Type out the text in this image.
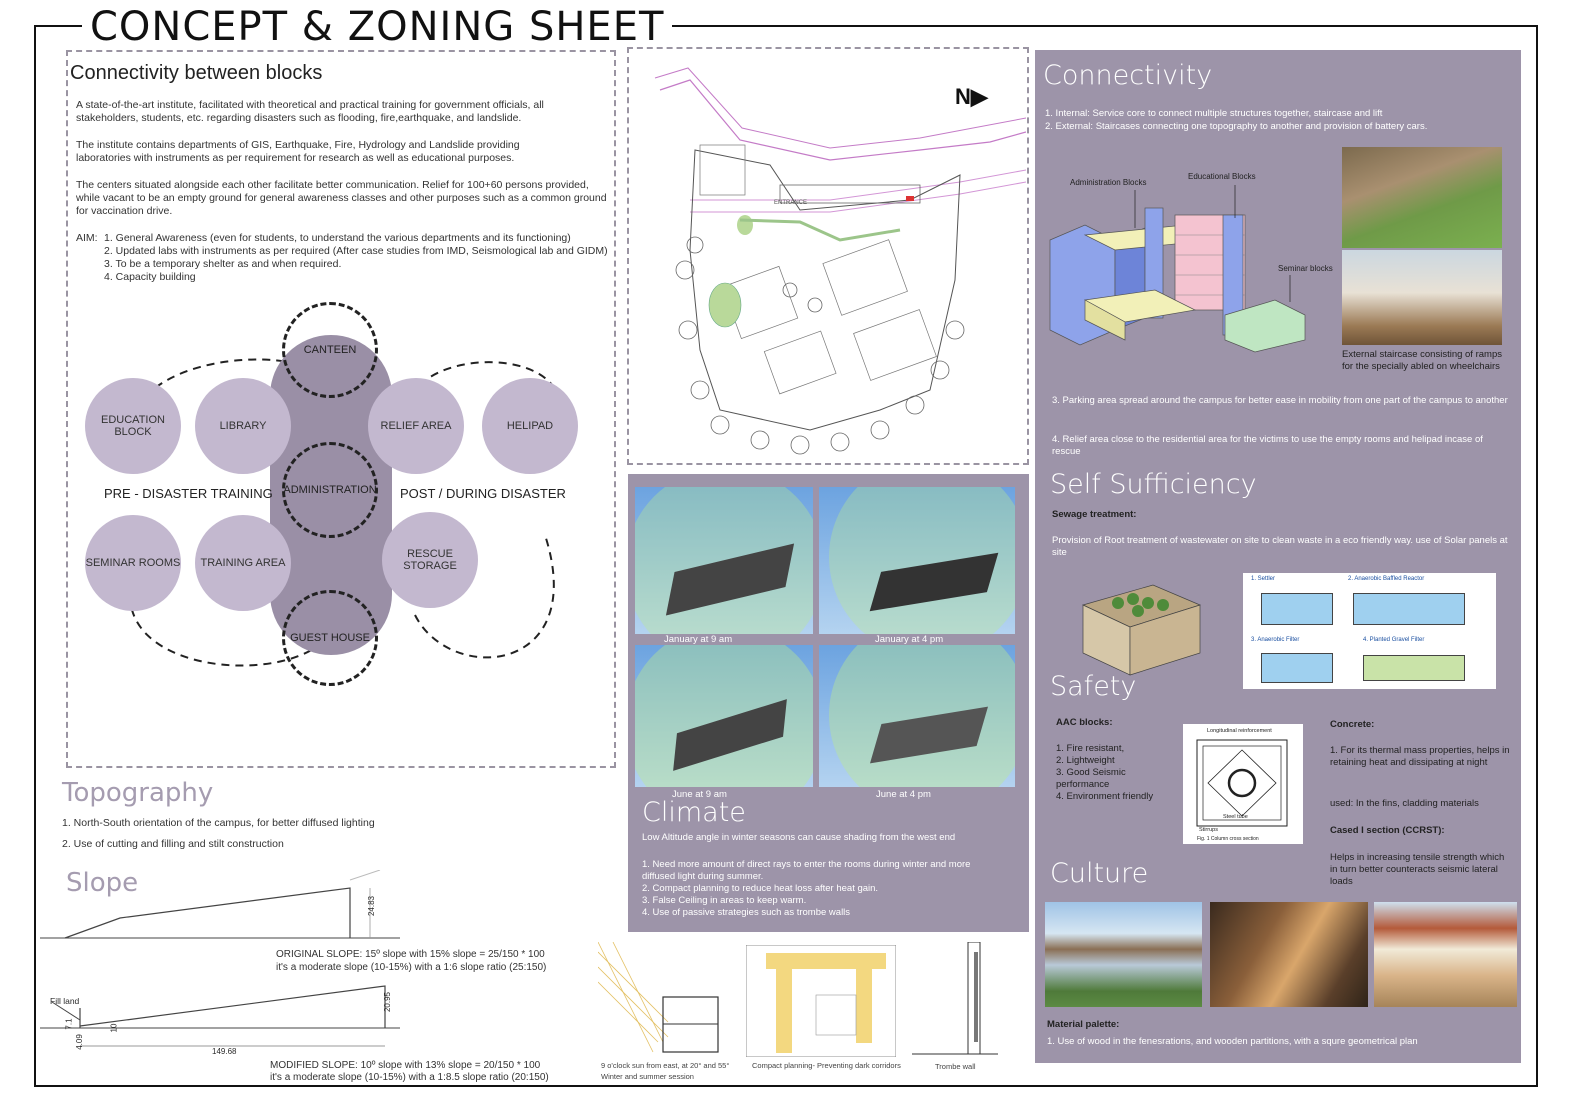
CONCEPT & ZONING SHEET
Connectivity between blocks
A state-of-the-art institute, facilitated with theoretical and practical training for government officials, all stakeholders, students, etc. regarding disasters such as flooding, fire,earthquake, and landslide.
The institute contains departments of GIS, Earthquake, Fire, Hydrology and Landslide providing laboratories with instruments as per requirement for research as well as educational purposes.
The centers situated alongside each other facilitate better communication. Relief for 100+60 persons provided, while vacant to be an empty ground for general awareness classes and other purposes such as a common ground for vaccination drive.
AIM: 1. General Awareness (even for students, to understand the various departments and its functioning)
2. Updated labs with instruments as per required (After case studies from IMD, Seismological lab and GIDM)
3. To be a temporary shelter as and when required.
4. Capacity building
EDUCATION BLOCK	LIBRARY
SEMINAR ROOMS	TRAINING AREA
RELIEF AREA	HELIPAD
RESCUE STORAGE
CANTEEN
ADMINISTRATION
GUEST HOUSE
PRE - DISASTER TRAINING	POST / DURING DISASTER
Topography
1. North-South orientation of the campus, for better diffused lighting
2. Use of cutting and filling and stilt construction
Slope
24.83
20.95
149.68
7.1
4.09
10
Fill land
ORIGINAL SLOPE: 15º slope with 15% slope = 25/150 * 100
it's a moderate slope (10-15%) with a 1:6 slope ratio (25:150)
MODIFIED SLOPE: 10º slope with 13% slope = 20/150 * 100
it's a moderate slope (10-15%) with a 1:8.5 slope ratio (20:150)
N▶
ENTRANCE
January at 9 am	January at 4 pm
June at 9 am	June at 4 pm
Climate
Low Altitude angle in winter seasons can cause shading from the west end
1. Need more amount of direct rays to enter the rooms during winter and more diffused light during summer.
2. Compact planning to reduce heat loss after heat gain.
3. False Ceiling in areas to keep warm.
4. Use of passive strategies such as trombe walls
9 o'clock sun from east, at 20° and 55°
Winter and summer session
Compact planning- Preventing dark corridors	Trombe wall
Connectivity
1. Internal: Service core to connect multiple structures together, staircase and lift
2. External: Staircases connecting one topography to another and provision of battery cars.
Administration Blocks
Educational Blocks
Seminar blocks
External staircase consisting of ramps for the specially abled on wheelchairs
3. Parking area spread around the campus for better ease in mobility from one part of the campus to another
4. Relief area close to the residential area for the victims to use the empty rooms and helipad incase of rescue
Self Sufficiency
Sewage treatment:
Provision of Root treatment of wastewater on site to clean waste in a eco friendly way. use of Solar panels at site
1. Settler	2. Anaerobic Baffled Reactor
3. Anaerobic Filter	4. Planted Gravel Filter
Safety
AAC blocks:
1. Fire resistant,
2. Lightweight
3. Good Seismic performance
4. Environment friendly
Longitudinal reinforcement
Steel tube
Stirrups
Fig. 1 Column cross section
Concrete:
1. For its thermal mass properties, helps in retaining heat and dissipating at night
used: In the fins, cladding materials
Cased I section (CCRST):
Helps in increasing tensile strength which in turn better counteracts seismic lateral loads
Culture
Material palette:
1. Use of wood in the fenesrations, and wooden partitions, with a squre geometrical plan
